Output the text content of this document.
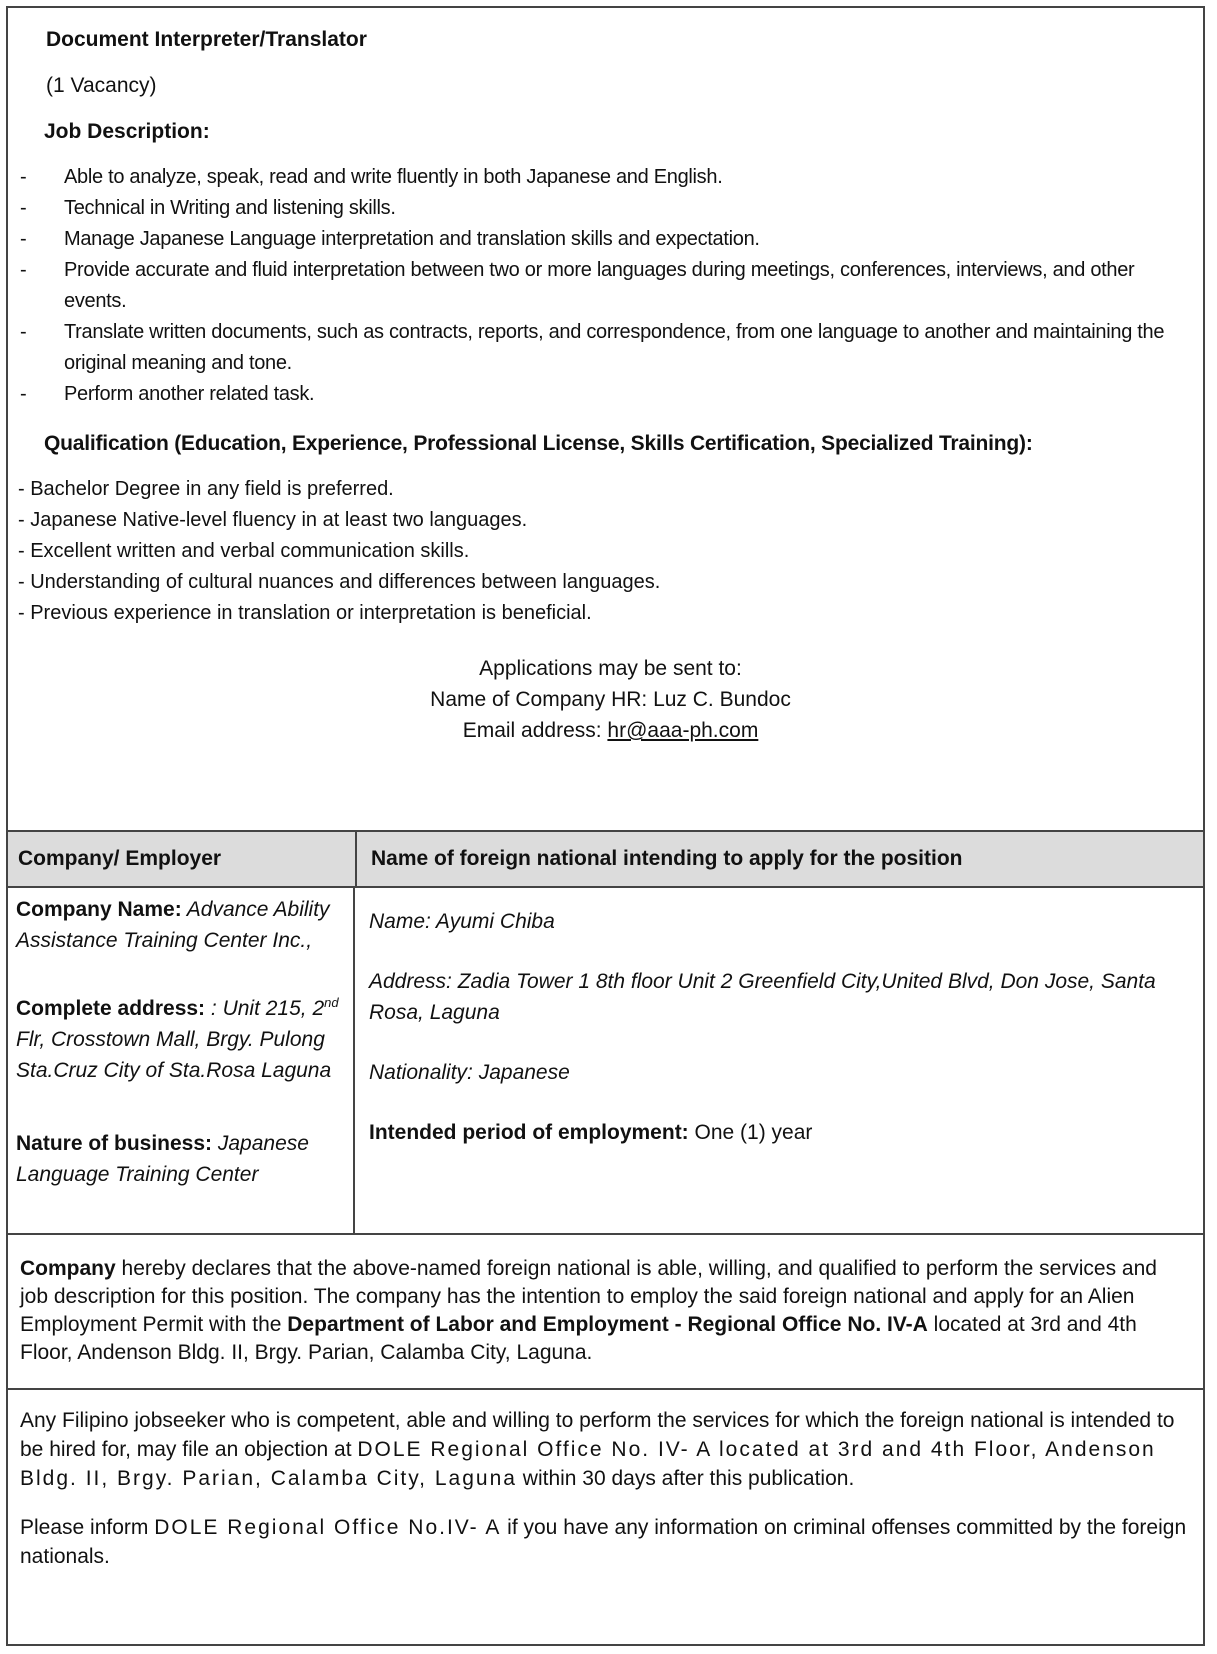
Document Interpreter/Translator
(1 Vacancy)
Job Description:
- Able to analyze, speak, read and write fluently in both Japanese and English.
- Technical in Writing and listening skills.
- Manage Japanese Language interpretation and translation skills and expectation.
- Provide accurate and fluid interpretation between two or more languages during meetings, conferences, interviews, and other events.
- Translate written documents, such as contracts, reports, and correspondence, from one language to another and maintaining the original meaning and tone.
- Perform another related task.
Qualification (Education, Experience, Professional License, Skills Certification, Specialized Training):
- Bachelor Degree in any field is preferred.
- Japanese Native-level fluency in at least two languages.
- Excellent written and verbal communication skills.
- Understanding of cultural nuances and differences between languages.
- Previous experience in translation or interpretation is beneficial.
Applications may be sent to:
Name of Company HR: Luz C. Bundoc
Email address: hr@aaa-ph.com
Company/ Employer	Name of foreign national intending to apply for the position
Company Name: Advance Ability Assistance Training Center Inc.,
Complete address: : Unit 215, 2nd Flr, Crosstown Mall, Brgy. Pulong Sta.Cruz City of Sta.Rosa Laguna
Nature of business: Japanese Language Training Center
Name: Ayumi Chiba
Address: Zadia Tower 1 8th floor Unit 2 Greenfield City,United Blvd, Don Jose, Santa Rosa, Laguna
Nationality: Japanese
Intended period of employment: One (1) year
Company hereby declares that the above-named foreign national is able, willing, and qualified to perform the services and job description for this position. The company has the intention to employ the said foreign national and apply for an Alien Employment Permit with the Department of Labor and Employment - Regional Office No. IV-A located at 3rd and 4th Floor, Andenson Bldg. II, Brgy. Parian, Calamba City, Laguna.

Any Filipino jobseeker who is competent, able and willing to perform the services for which the foreign national is intended to be hired for, may file an objection at DOLE Regional Office No. IV- A located at 3rd and 4th Floor, Andenson Bldg. II, Brgy. Parian, Calamba City, Laguna within 30 days after this publication.

Please inform DOLE Regional Office No.IV- A if you have any information on criminal offenses committed by the foreign nationals.
